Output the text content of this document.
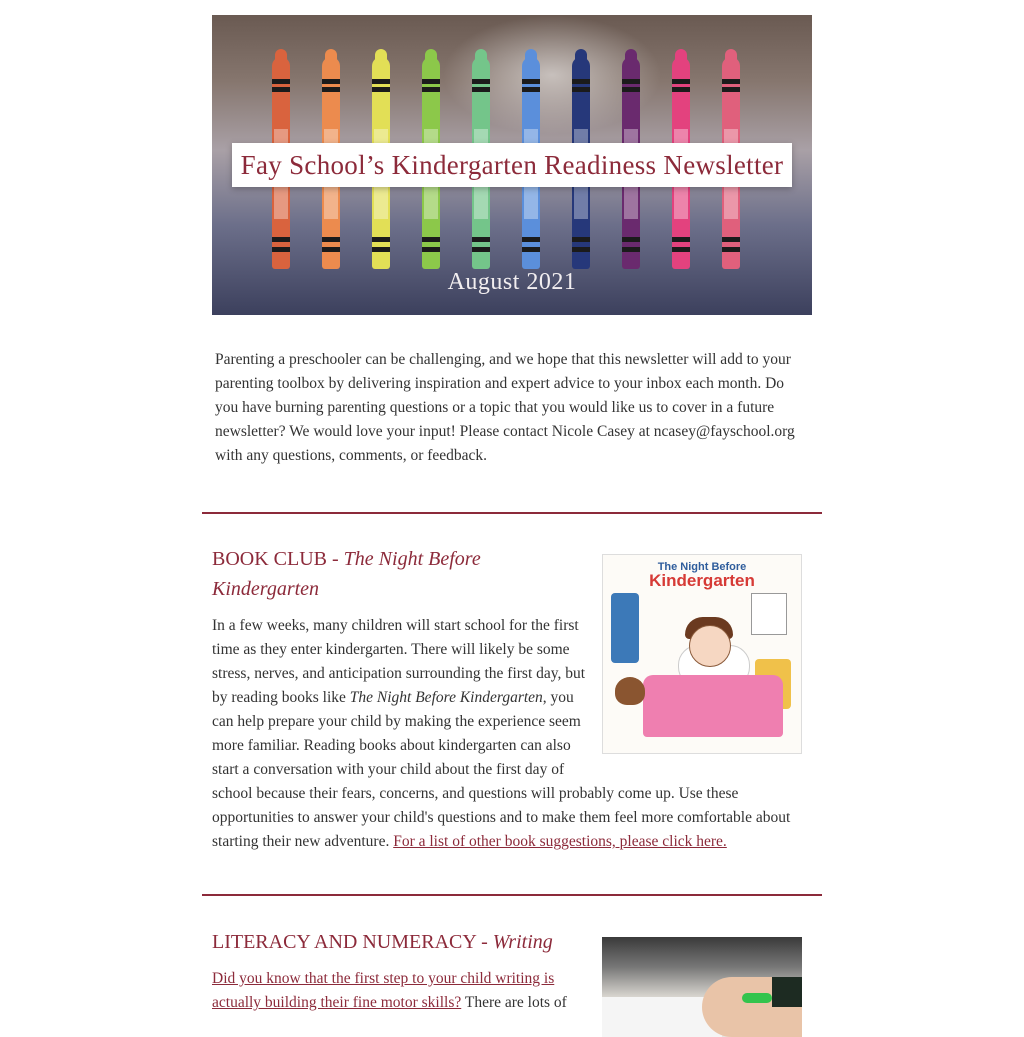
Fay School’s Kindergarten Readiness Newsletter
August 2021
Parenting a preschooler can be challenging, and we hope that this newsletter will add to your parenting toolbox by delivering inspiration and expert advice to your inbox each month. Do you have burning parenting questions or a topic that you would like us to cover in a future newsletter? We would love your input! Please contact Nicole Casey at ncasey@fayschool.org with any questions, comments, or feedback.
BOOK CLUB - The Night Before
Kindergarten
The Night Before
Kindergarten
In a few weeks, many children will start school for the first time as they enter kindergarten. There will likely be some stress, nerves, and anticipation surrounding the first day, but by reading books like The Night Before Kindergarten, you can help prepare your child by making the experience seem more familiar. Reading books about kindergarten can also start a conversation with your child about the first day of
school because their fears, concerns, and questions will probably come up. Use these opportunities to answer your child's questions and to make them feel more comfortable about starting their new adventure. For a list of other book suggestions, please click here.
LITERACY AND NUMERACY - Writing
Did you know that the first step to your child writing is actually building their fine motor skills? There are lots of
